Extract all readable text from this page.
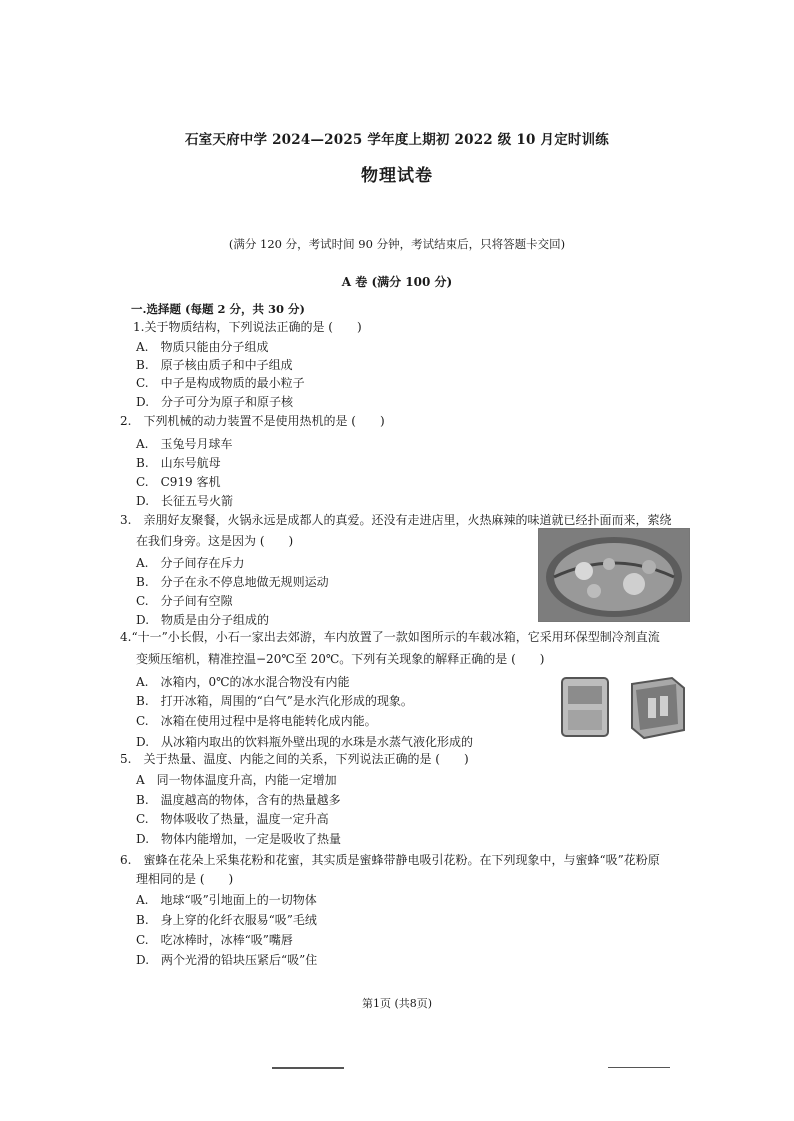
石室天府中学 2024—2025 学年度上期初 2022 级 10 月定时训练
物理试卷
(满分 120 分，考试时间 90 分钟，考试结束后，只将答题卡交回)
A 卷 (满分 100 分)
一.选择题 (每题 2 分，共 30 分)
1.关于物质结构，下列说法正确的是 (　　)
A.　物质只能由分子组成
B.　原子核由质子和中子组成
C.　中子是构成物质的最小粒子
D.　分子可分为原子和原子核
2.　下列机械的动力装置不是使用热机的是 (　　)
A.　玉兔号月球车
B.　山东号航母
C.　C919 客机
D.　长征五号火箭
3.　亲朋好友聚餐，火锅永远是成都人的真爱。还没有走进店里，火热麻辣的味道就已经扑面而来，萦绕
在我们身旁。这是因为 (　　)
A.　分子间存在斥力
B.　分子在永不停息地做无规则运动
C.　分子间有空隙
D.　物质是由分子组成的
4.“十一”小长假，小石一家出去郊游，车内放置了一款如图所示的车载冰箱，它采用环保型制冷剂直流
变频压缩机，精准控温−20℃至 20℃。下列有关现象的解释正确的是 (　　)
A.　冰箱内，0℃的冰水混合物没有内能
B.　打开冰箱，周围的“白气”是水汽化形成的现象。
C.　冰箱在使用过程中是将电能转化成内能。
D.　从冰箱内取出的饮料瓶外壁出现的水珠是水蒸气液化形成的
5.　关于热量、温度、内能之间的关系，下列说法正确的是 (　　)
A　同一物体温度升高，内能一定增加
B.　温度越高的物体，含有的热量越多
C.　物体吸收了热量，温度一定升高
D.　物体内能增加，一定是吸收了热量
6.　蜜蜂在花朵上采集花粉和花蜜，其实质是蜜蜂带静电吸引花粉。在下列现象中，与蜜蜂“吸”花粉原
理相同的是 (　　)
A.　地球“吸”引地面上的一切物体
B.　身上穿的化纤衣服易“吸”毛绒
C.　吃冰棒时，冰棒“吸”嘴唇
D.　两个光滑的铅块压紧后“吸”住
第1页 (共8页)
